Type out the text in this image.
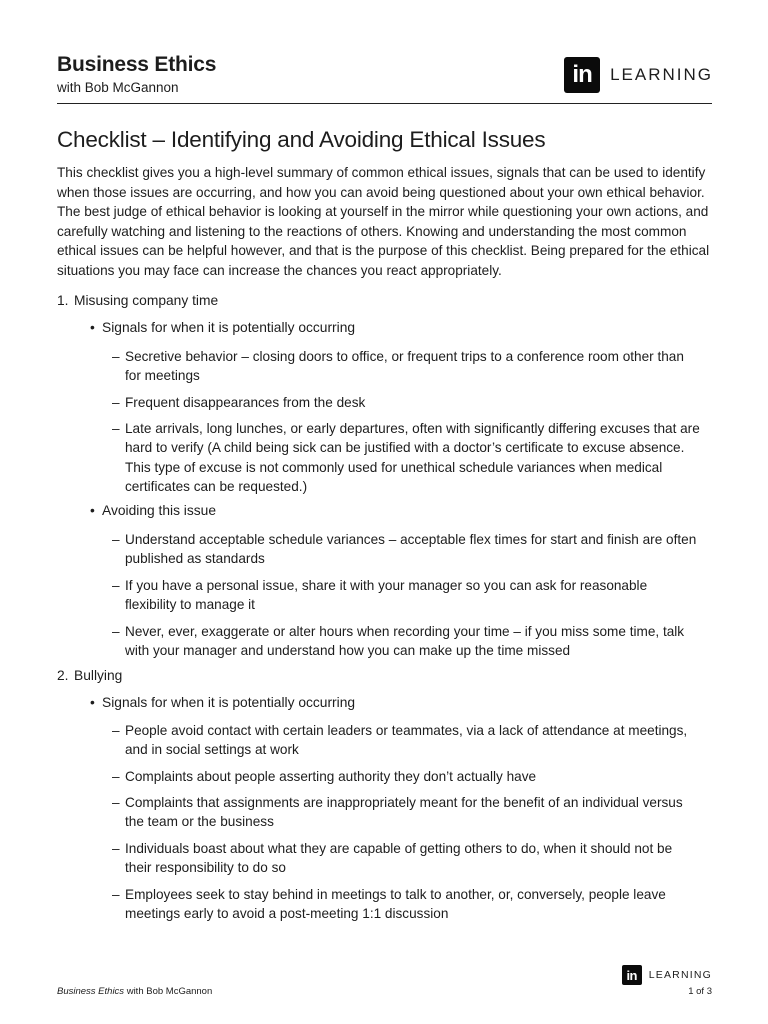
Business Ethics
with Bob McGannon	in	LEARNING
Checklist – Identifying and Avoiding Ethical Issues

This checklist gives you a high-level summary of common ethical issues, signals that can be used to identify when those issues are occurring, and how you can avoid being questioned about your own ethical behavior. The best judge of ethical behavior is looking at yourself in the mirror while questioning your own actions, and carefully watching and listening to the reactions of others. Knowing and understanding the most common ethical issues can be helpful however, and that is the purpose of this checklist. Being prepared for the ethical situations you may face can increase the chances you react appropriately.

1. Misusing company time
• Signals for when it is potentially occurring
– Secretive behavior – closing doors to office, or frequent trips to a conference room other than for meetings
– Frequent disappearances from the desk
– Late arrivals, long lunches, or early departures, often with significantly differing excuses that are hard to verify (A child being sick can be justified with a doctor’s certificate to excuse absence. This type of excuse is not commonly used for unethical schedule variances when medical certificates can be requested.)
• Avoiding this issue
– Understand acceptable schedule variances – acceptable flex times for start and finish are often published as standards
– If you have a personal issue, share it with your manager so you can ask for reasonable flexibility to manage it
– Never, ever, exaggerate or alter hours when recording your time – if you miss some time, talk with your manager and understand how you can make up the time missed
2. Bullying
• Signals for when it is potentially occurring
– People avoid contact with certain leaders or teammates, via a lack of attendance at meetings, and in social settings at work
– Complaints about people asserting authority they don’t actually have
– Complaints that assignments are inappropriately meant for the benefit of an individual versus the team or the business
– Individuals boast about what they are capable of getting others to do, when it should not be their responsibility to do so
– Employees seek to stay behind in meetings to talk to another, or, conversely, people leave meetings early to avoid a post-meeting 1:1 discussion
in	LEARNING
Business Ethics with Bob McGannon	1 of 3
